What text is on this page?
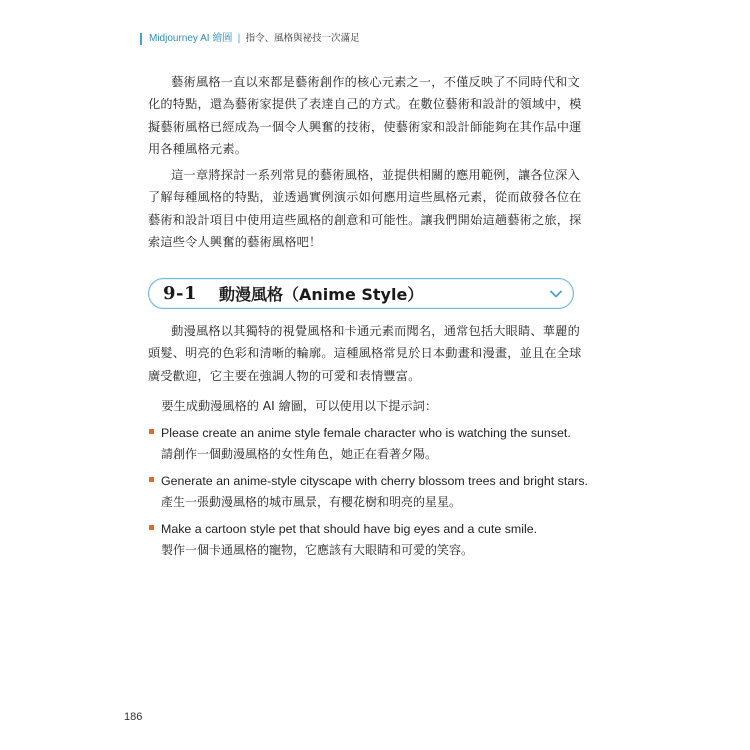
Midjourney AI 繪圖 | 指令、風格與祕技一次滿足

藝術風格一直以來都是藝術創作的核心元素之一，不僅反映了不同時代和文化的特點，還為藝術家提供了表達自己的方式。在數位藝術和設計的領域中，模擬藝術風格已經成為一個令人興奮的技術，使藝術家和設計師能夠在其作品中運用各種風格元素。

這一章將探討一系列常見的藝術風格，並提供相關的應用範例，讓各位深入了解每種風格的特點，並透過實例演示如何應用這些風格元素，從而啟發各位在藝術和設計項目中使用這些風格的創意和可能性。讓我們開始這趟藝術之旅，探索這些令人興奮的藝術風格吧！

9-1 動漫風格（Anime Style）

動漫風格以其獨特的視覺風格和卡通元素而聞名，通常包括大眼睛、華麗的頭髮、明亮的色彩和清晰的輪廓。這種風格常見於日本動畫和漫畫，並且在全球廣受歡迎，它主要在強調人物的可愛和表情豐富。

要生成動漫風格的 AI 繪圖，可以使用以下提示詞：

Please create an anime style female character who is watching the sunset.
請創作一個動漫風格的女性角色，她正在看著夕陽。
Generate an anime-style cityscape with cherry blossom trees and bright stars.
產生一張動漫風格的城市風景，有櫻花樹和明亮的星星。
Make a cartoon style pet that should have big eyes and a cute smile.
製作一個卡通風格的寵物，它應該有大眼睛和可愛的笑容。
186
